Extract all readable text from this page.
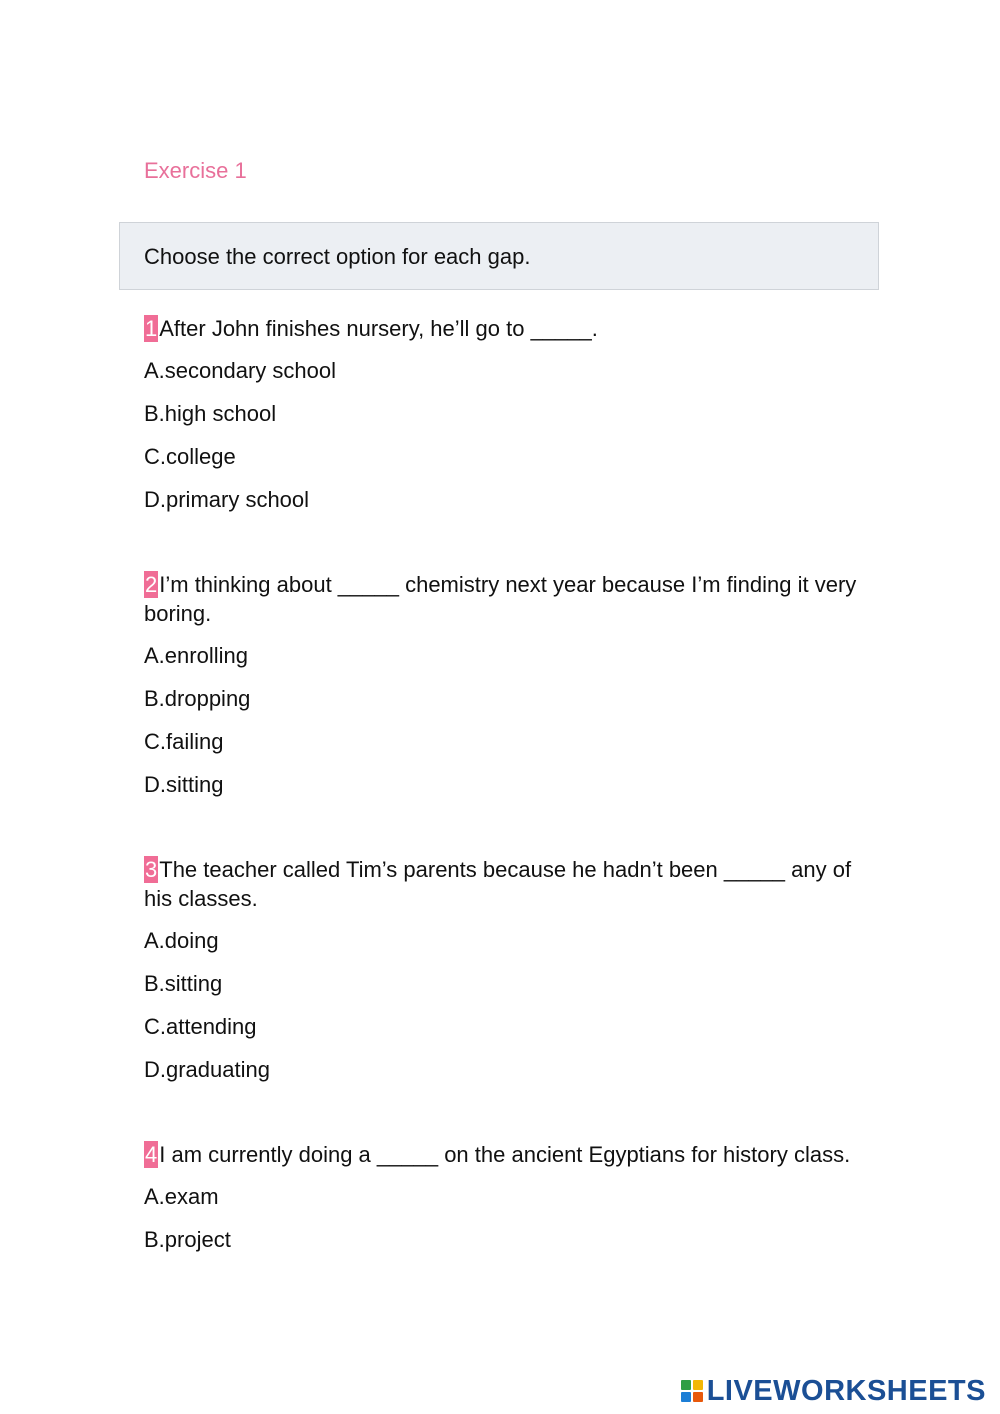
Exercise 1
Choose the correct option for each gap.

1After John finishes nursery, he’ll go to _____.

A.secondary school
B.high school
C.college
D.primary school

2I’m thinking about _____ chemistry next year because I’m finding it very boring.

A.enrolling
B.dropping
C.failing
D.sitting

3The teacher called Tim’s parents because he hadn’t been _____ any of his classes.

A.doing
B.sitting
C.attending
D.graduating

4I am currently doing a _____ on the ancient Egyptians for history class.

A.exam
B.project
LIVEWORKSHEETS
